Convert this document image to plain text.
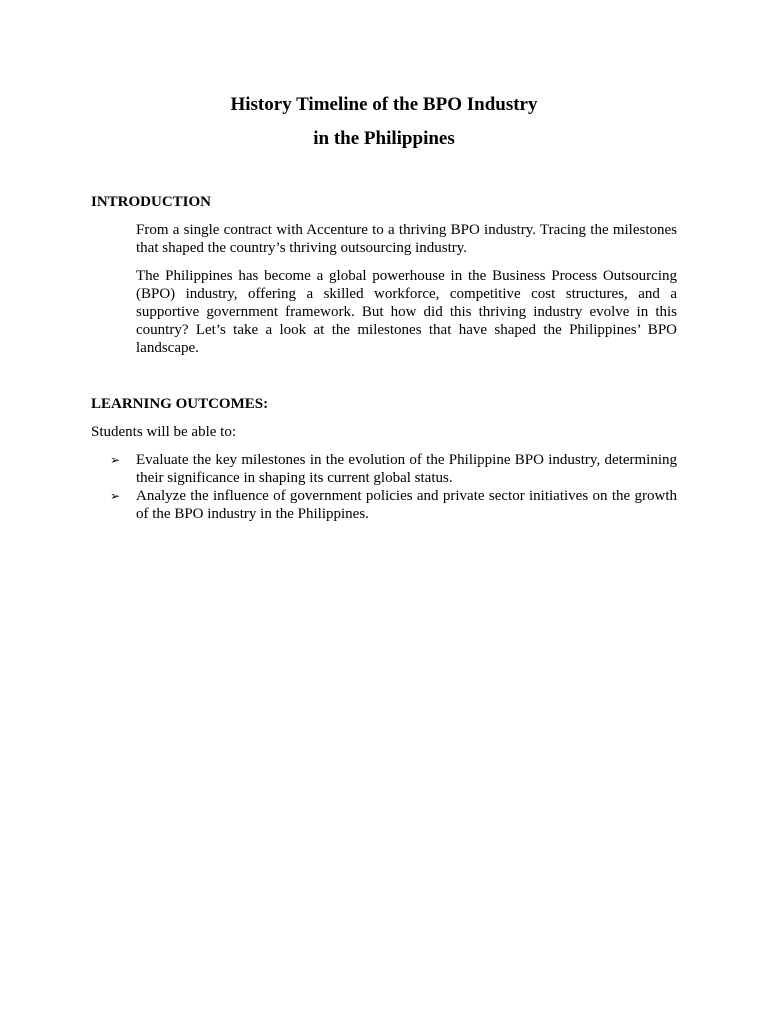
History Timeline of the BPO Industry
in the Philippines
INTRODUCTION

From a single contract with Accenture to a thriving BPO industry. Tracing the milestones that shaped the country’s thriving outsourcing industry.

The Philippines has become a global powerhouse in the Business Process Outsourcing (BPO) industry, offering a skilled workforce, competitive cost structures, and a supportive government framework. But how did this thriving industry evolve in this country? Let’s take a look at the milestones that have shaped the Philippines’ BPO landscape.

LEARNING OUTCOMES:

Students will be able to:

➢	Evaluate the key milestones in the evolution of the Philippine BPO industry, determining their significance in shaping its current global status.
➢	Analyze the influence of government policies and private sector initiatives on the growth of the BPO industry in the Philippines.
